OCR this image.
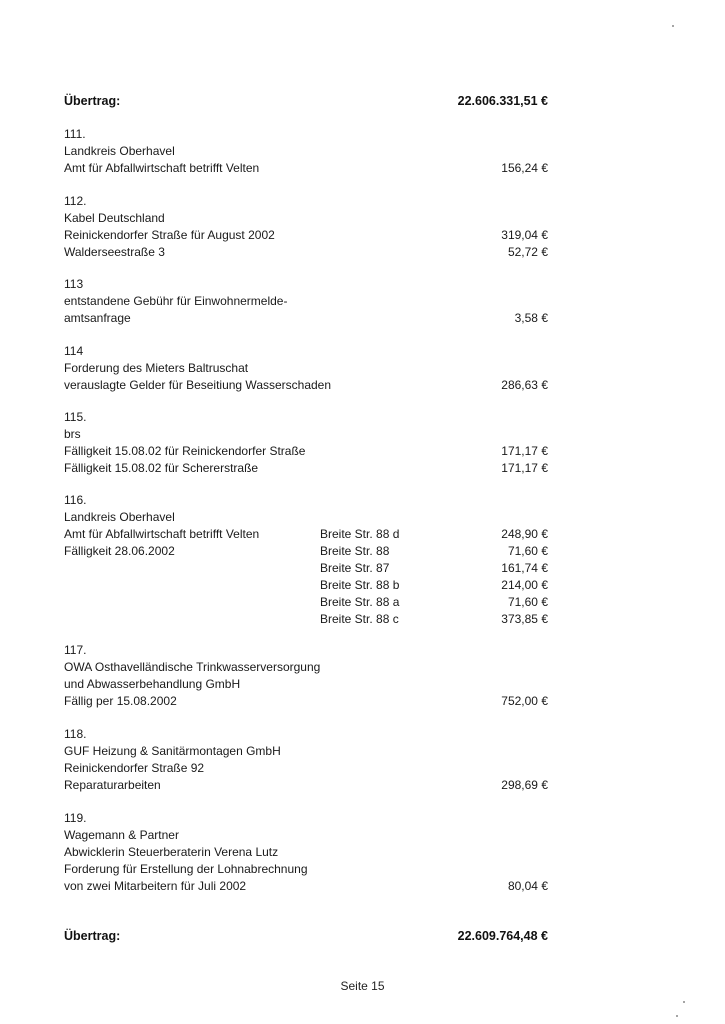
Übertrag:	22.606.331,51 €
111.
Landkreis Oberhavel
Amt für Abfallwirtschaft betrifft Velten	156,24 €
112.
Kabel Deutschland
Reinickendorfer Straße für August 2002	319,04 €
Walderseestraße 3	52,72 €
113
entstandene Gebühr für Einwohnermelde-
amtsanfrage	3,58 €
114
Forderung des Mieters Baltruschat
verauslagte Gelder für Beseitiung Wasserschaden	286,63 €
115.
brs
Fälligkeit 15.08.02 für Reinickendorfer Straße	171,17 €
Fälligkeit 15.08.02 für Schererstraße	171,17 €
116.
Landkreis Oberhavel
Amt für Abfallwirtschaft betrifft Velten	Breite Str. 88 d	248,90 €
Fälligkeit 28.06.2002	Breite Str. 88	71,60 €
Breite Str. 87	161,74 €
Breite Str. 88 b	214,00 €
Breite Str. 88 a	71,60 €
Breite Str. 88 c	373,85 €
117.
OWA Osthavelländische Trinkwasserversorgung
und Abwasserbehandlung GmbH
Fällig per 15.08.2002	752,00 €
118.
GUF Heizung & Sanitärmontagen GmbH
Reinickendorfer Straße 92
Reparaturarbeiten	298,69 €
119.
Wagemann & Partner
Abwicklerin Steuerberaterin Verena Lutz
Forderung für Erstellung der Lohnabrechnung
von zwei Mitarbeitern für Juli 2002	80,04 €
Übertrag:	22.609.764,48 €
Seite 15
